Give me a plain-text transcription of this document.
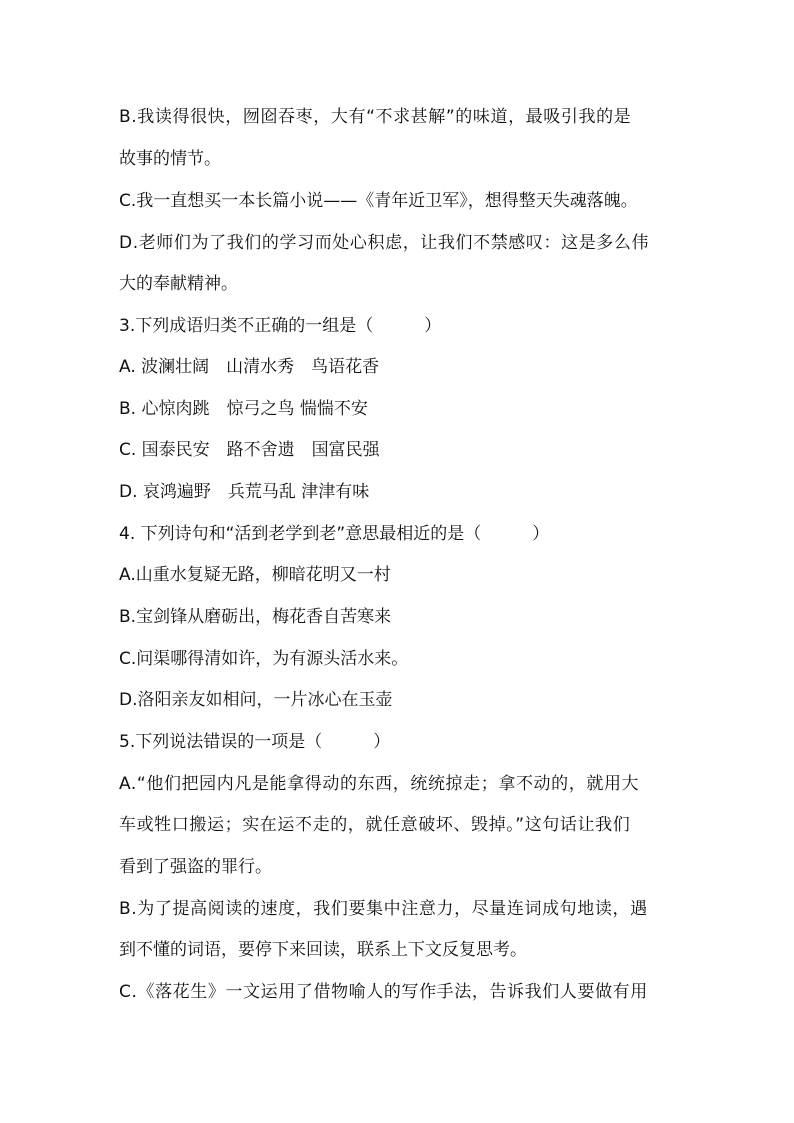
B.我读得很快，囫囵吞枣，大有“不求甚解”的味道，最吸引我的是
故事的情节。
C.我一直想买一本长篇小说——《青年近卫军》，想得整天失魂落魄。
D.老师们为了我们的学习而处心积虑，让我们不禁感叹：这是多么伟
大的奉献精神。
3.下列成语归类不正确的一组是（　　　）
A. 波澜壮阔　山清水秀　鸟语花香
B. 心惊肉跳　惊弓之鸟 惴惴不安
C. 国泰民安　路不舍遗　国富民强
D. 哀鸿遍野　兵荒马乱 津津有味
4. 下列诗句和“活到老学到老”意思最相近的是（　　　）
A.山重水复疑无路，柳暗花明又一村
B.宝剑锋从磨砺出，梅花香自苦寒来
C.问渠哪得清如许，为有源头活水来。
D.洛阳亲友如相问，一片冰心在玉壶
5.下列说法错误的一项是（　　　）
A.“他们把园内凡是能拿得动的东西，统统掠走；拿不动的，就用大
车或牲口搬运；实在运不走的，就任意破坏、毁掉。”这句话让我们
看到了强盗的罪行。
B.为了提高阅读的速度，我们要集中注意力，尽量连词成句地读，遇
到不懂的词语，要停下来回读，联系上下文反复思考。
C.《落花生》一文运用了借物喻人的写作手法，告诉我们人要做有用
